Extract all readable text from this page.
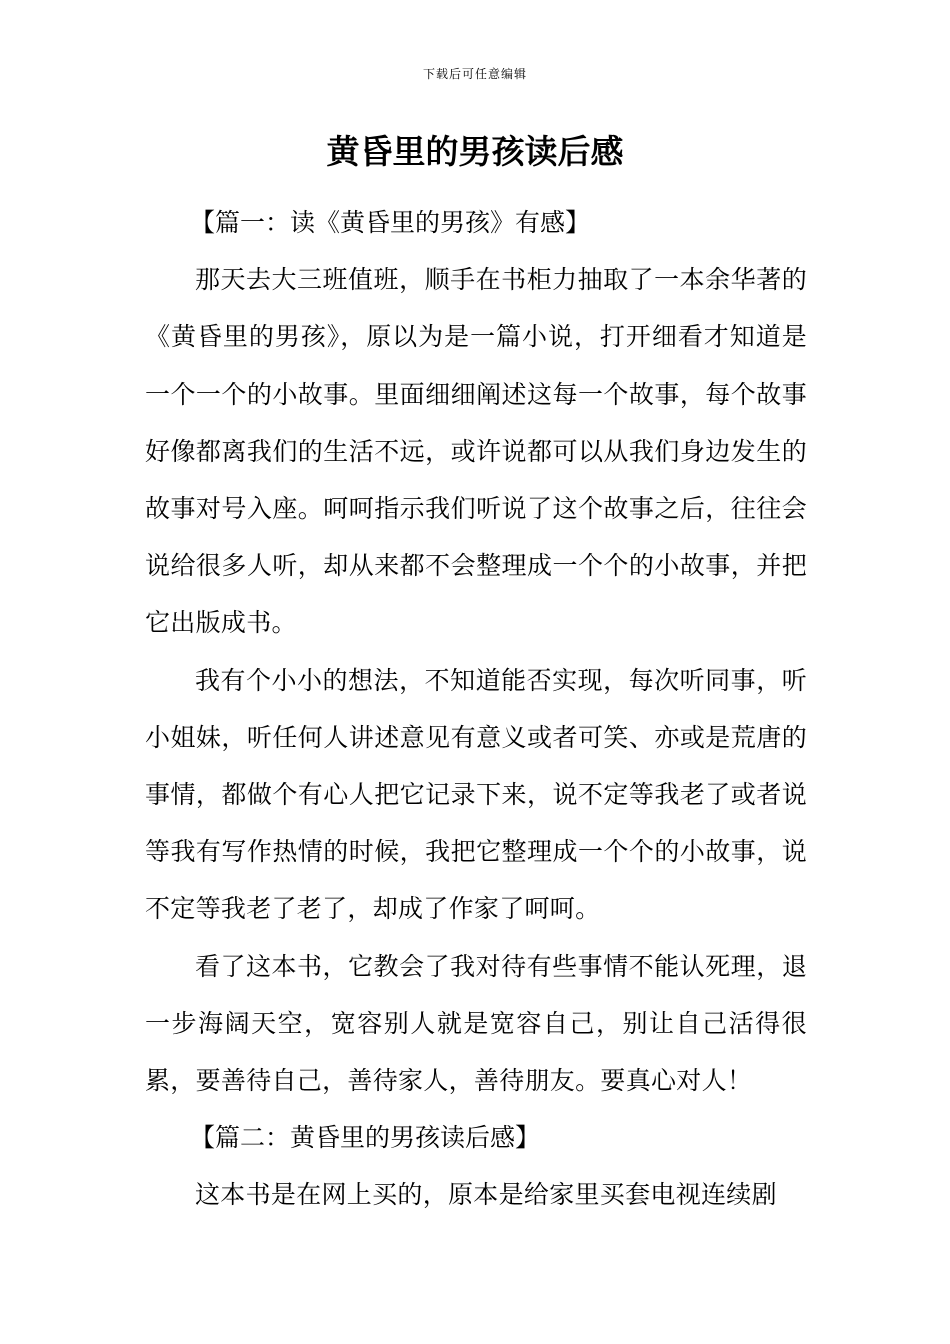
下载后可任意编辑
黄昏里的男孩读后感

【篇一：读《黄昏里的男孩》有感】

那天去大三班值班，顺手在书柜力抽取了一本余华著的《黄昏里的男孩》，原以为是一篇小说，打开细看才知道是一个一个的小故事。里面细细阐述这每一个故事，每个故事好像都离我们的生活不远，或许说都可以从我们身边发生的故事对号入座。呵呵指示我们听说了这个故事之后，往往会说给很多人听，却从来都不会整理成一个个的小故事，并把它出版成书。

我有个小小的想法，不知道能否实现，每次听同事，听小姐妹，听任何人讲述意见有意义或者可笑、亦或是荒唐的事情，都做个有心人把它记录下来，说不定等我老了或者说等我有写作热情的时候，我把它整理成一个个的小故事，说不定等我老了老了，却成了作家了呵呵。

看了这本书，它教会了我对待有些事情不能认死理，退一步海阔天空，宽容别人就是宽容自己，别让自己活得很累，要善待自己，善待家人，善待朋友。要真心对人！

【篇二：黄昏里的男孩读后感】

这本书是在网上买的，原本是给家里买套电视连续剧
